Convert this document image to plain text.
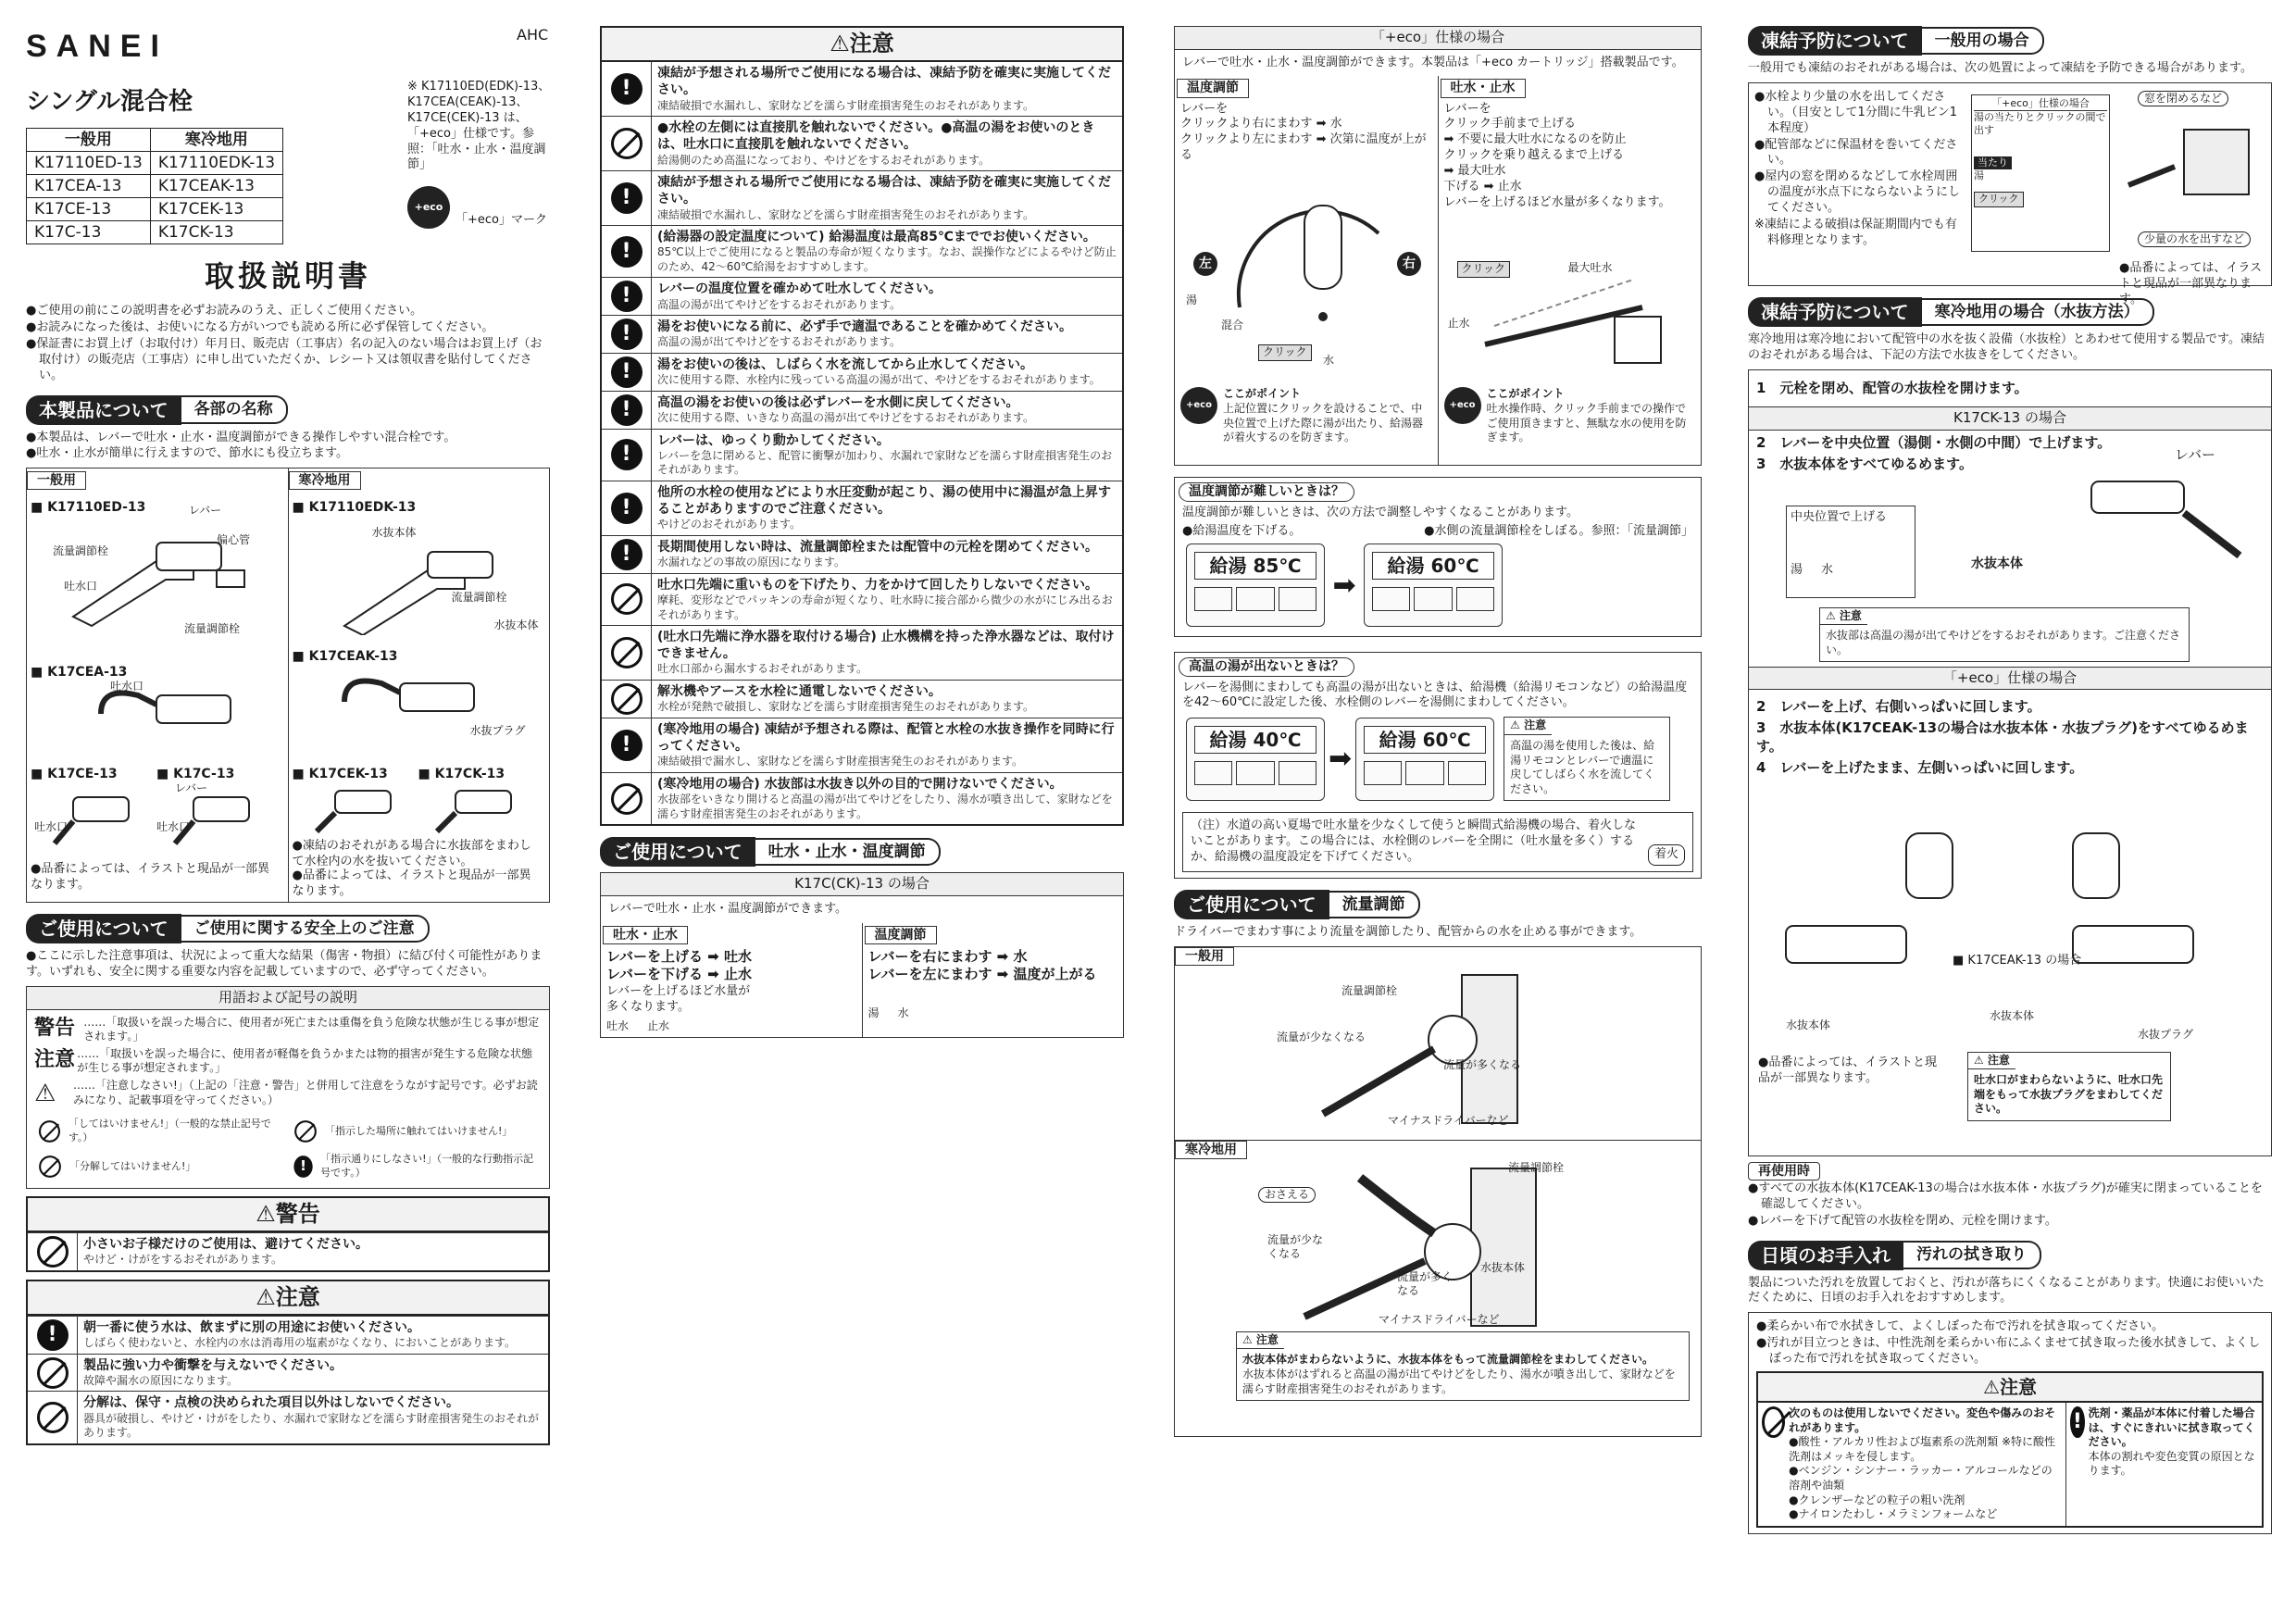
SANEI	AHC
シングル混合栓
一般用	寒冷地用
K17110ED-13	K17110EDK-13
K17CEA-13	K17CEAK-13
K17CE-13	K17CEK-13
K17C-13	K17CK-13
※ K17110ED(EDK)-13、K17CEA(CEAK)-13、K17CE(CEK)-13 は、「+eco」仕様です。参照：「吐水・止水・温度調節」
+eco
「+eco」マーク
取扱説明書

●ご使用の前にこの説明書を必ずお読みのうえ、正しくご使用ください。

●お読みになった後は、お使いになる方がいつでも読める所に必ず保管してください。

●保証書にお買上げ（お取付け）年月日、販売店（工事店）名の記入のない場合はお買上げ（お取付け）の販売店（工事店）に申し出ていただくか、レシート又は領収書を貼付してください。

本製品について	各部の名称

●本製品は、レバーで吐水・止水・温度調節ができる操作しやすい混合栓です。

●吐水・止水が簡単に行えますので、節水にも役立ちます。

一般用
■ K17110ED-13	レバー
偏心管
流量調節栓
吐水口
流量調節栓
■ K17CEA-13
吐水口
■ K17CE-13	■ K17C-13
レバー
吐水口	吐水口
●品番によっては、イラストと現品が一部異なります。
寒冷地用
■ K17110EDK-13
水抜本体
流量調節栓
水抜本体
■ K17CEAK-13
水抜プラグ
■ K17CEK-13 ■ K17CK-13
●凍結のおそれがある場合に水抜部をまわして水栓内の水を抜いてください。
●品番によっては、イラストと現品が一部異なります。
ご使用について	ご使用に関する安全上のご注意
●ここに示した注意事項は、状況によって重大な結果（傷害・物損）に結び付く可能性があります。いずれも、安全に関する重要な内容を記載していますので、必ず守ってください。
用語および記号の説明
警告 ……「取扱いを誤った場合に、使用者が死亡または重傷を負う危険な状態が生じる事が想定されます。」
注意 ……「取扱いを誤った場合に、使用者が軽傷を負うかまたは物的損害が発生する危険な状態が生じる事が想定されます。」
⚠	……「注意しなさい!」（上記の「注意・警告」と併用して注意をうながす記号です。必ずお読みになり、記載事項を守ってください。）
「してはいけません!」（一般的な禁止記号です。）
「指示した場所に触れてはいけません!」
「分解してはいけません!」	!	「指示通りにしなさい!」（一般的な行動指示記号です。）
⚠警告
小さいお子様だけのご使用は、避けてください。
やけど・けがをするおそれがあります。
⚠注意
!	朝一番に使う水は、飲まずに別の用途にお使いください。
しばらく使わないと、水栓内の水は消毒用の塩素がなくなり、においことがあります。
製品に強い力や衝撃を与えないでください。
故障や漏水の原因になります。
分解は、保守・点検の決められた項目以外はしないでください。
器具が破損し、やけど・けがをしたり、水漏れで家財などを濡らす財産損害発生のおそれがあります。
⚠注意
!
凍結が予想される場所でご使用になる場合は、凍結予防を確実に実施してください。
凍結破損で水漏れし、家財などを濡らす財産損害発生のおそれがあります。
●水栓の左側には直接肌を触れないでください。●高温の湯をお使いのときは、吐水口に直接肌を触れないでください。
給湯側のため高温になっており、やけどをするおそれがあります。
!
凍結が予想される場所でご使用になる場合は、凍結予防を確実に実施してください。
凍結破損で水漏れし、家財などを濡らす財産損害発生のおそれがあります。
!
(給湯器の設定温度について) 給湯温度は最高85℃まででお使いください。
85℃以上でご使用になると製品の寿命が短くなります。なお、誤操作などによるやけど防止のため、42〜60℃給湯をおすすめします。
!	レバーの温度位置を確かめて吐水してください。
高温の湯が出てやけどをするおそれがあります。
!	湯をお使いになる前に、必ず手で適温であることを確かめてください。
高温の湯が出てやけどをするおそれがあります。
!	湯をお使いの後は、しばらく水を流してから止水してください。
次に使用する際、水栓内に残っている高温の湯が出て、やけどをするおそれがあります。
!	高温の湯をお使いの後は必ずレバーを水側に戻してください。
次に使用する際、いきなり高温の湯が出てやけどをするおそれがあります。
!
レバーは、ゆっくり動かしてください。
レバーを急に閉めると、配管に衝撃が加わり、水漏れで家財などを濡らす財産損害発生のおそれがあります。
!
他所の水栓の使用などにより水圧変動が起こり、湯の使用中に湯温が急上昇することがありますのでご注意ください。
やけどのおそれがあります。
!	長期間使用しない時は、流量調節栓または配管中の元栓を閉めてください。
水漏れなどの事故の原因になります。
吐水口先端に重いものを下げたり、力をかけて回したりしないでください。
摩耗、変形などでパッキンの寿命が短くなり、吐水時に接合部から微少の水がにじみ出るおそれがあります。
(吐水口先端に浄水器を取付ける場合) 止水機構を持った浄水器などは、取付けできません。
吐水口部から漏水するおそれがあります。
解氷機やアースを水栓に通電しないでください。
水栓が発熱で破損し、家財などを濡らす財産損害発生のおそれがあります。
!
(寒冷地用の場合) 凍結が予想される際は、配管と水栓の水抜き操作を同時に行ってください。
凍結破損で漏水し、家財などを濡らす財産損害発生のおそれがあります。
(寒冷地用の場合) 水抜部は水抜き以外の目的で開けないでください。
水抜部をいきなり開けると高温の湯が出てやけどをしたり、湯水が噴き出して、家財などを濡らす財産損害発生のおそれがあります。
ご使用について	吐水・止水・温度調節
K17C(CK)-13 の場合
レバーで吐水・止水・温度調節ができます。
吐水・止水
レバーを上げる ➡ 吐水
レバーを下げる ➡ 止水
レバーを上げるほど水量が多くなります。
吐水 止水
温度調節
レバーを右にまわす ➡ 水
レバーを左にまわす ➡ 温度が上がる
湯 水
「+eco」仕様の場合
レバーで吐水・止水・温度調節ができます。本製品は「+eco カートリッジ」搭載製品です。
温度調節
レバーを
クリックより右にまわす ➡ 水
クリックより左にまわす ➡ 次第に温度が上がる
左	右
湯
混合
水
クリック
+eco
ここがポイント
上記位置にクリックを設けることで、中央位置で上げた際に湯が出たり、給湯器が着火するのを防ぎます。
吐水・止水
レバーを
クリック手前まで上げる
➡ 不要に最大吐水になるのを防止
クリックを乗り越えるまで上げる
➡ 最大吐水
下げる ➡ 止水
レバーを上げるほど水量が多くなります。
クリック	最大吐水
止水
+eco
ここがポイント
吐水操作時、クリック手前までの操作でご使用頂きますと、無駄な水の使用を防ぎます。
温度調節が難しいときは？
温度調節が難しいときは、次の方法で調整しやすくなることがあります。
●給湯温度を下げる。	●水側の流量調節栓をしぼる。参照：「流量調節」
給湯 85℃
➡
給湯 60℃
高温の湯が出ないときは？
レバーを湯側にまわしても高温の湯が出ないときは、給湯機（給湯リモコンなど）の給湯温度を42〜60℃に設定した後、水栓側のレバーを湯側にまわしてください。
給湯 40℃
➡
給湯 60℃
⚠ 注意
高温の湯を使用した後は、給湯リモコンとレバーで適温に戻してしばらく水を流してください。
（注）水道の高い夏場で吐水量を少なくして使うと瞬間式給湯機の場合、着火しないことがあります。この場合には、水栓側のレバーを全開に（吐水量を多く）するか、給湯機の温度設定を下げてください。	着火
ご使用について	流量調節
ドライバーでまわす事により流量を調節したり、配管からの水を止める事ができます。
一般用
流量調節栓
流量が少なくなる
流量が多くなる
マイナスドライバーなど
寒冷地用
流量調節栓
おさえる
流量が少なくなる
流量が多くなる
水抜本体
マイナスドライバーなど
⚠ 注意
水抜本体がまわらないように、水抜本体をもって流量調節栓をまわしてください。
水抜本体がはずれると高温の湯が出てやけどをしたり、湯水が噴き出して、家財などを濡らす財産損害発生のおそれがあります。
凍結予防について	一般用の場合
一般用でも凍結のおそれがある場合は、次の処置によって凍結を予防できる場合があります。

●水栓より少量の水を出してください。（目安として1分間に牛乳ビン1本程度）

●配管部などに保温材を巻いてください。

●屋内の窓を閉めるなどして水栓周囲の温度が氷点下にならないようにしてください。

※凍結による破損は保証期間内でも有料修理となります。

「+eco」仕様の場合
湯の当たりとクリックの間で出す
当たり
湯
クリック
窓を閉めるなど
少量の水を出すなど
●品番によっては、イラストと現品が一部異なります。
凍結予防について	寒冷地用の場合（水抜方法）
寒冷地用は寒冷地において配管中の水を抜く設備（水抜栓）とあわせて使用する製品です。凍結のおそれがある場合は、下記の方法で水抜きをしてください。
1　元栓を閉め、配管の水抜栓を開けます。
K17CK-13 の場合
2　レバーを中央位置（湯側・水側の中間）で上げます。
3　水抜本体をすべてゆるめます。
中央位置で上げる
湯 水
レバー
水抜本体
⚠ 注意
水抜部は高温の湯が出てやけどをするおそれがあります。ご注意ください。
「+eco」仕様の場合
2　レバーを上げ、右側いっぱいに回します。
3　水抜本体(K17CEAK-13の場合は水抜本体・水抜プラグ)をすべてゆるめます。
4　レバーを上げたまま、左側いっぱいに回します。
■ K17CEAK-13 の場合
水抜本体
水抜本体
水抜プラグ
●品番によっては、イラストと現品が一部異なります。
⚠ 注意
吐水口がまわらないように、吐水口先端をもって水抜プラグをまわしてください。
再使用時

●すべての水抜本体(K17CEAK-13の場合は水抜本体・水抜プラグ)が確実に閉まっていることを確認してください。

●レバーを下げて配管の水抜栓を閉め、元栓を開けます。

日頃のお手入れ	汚れの拭き取り
製品についた汚れを放置しておくと、汚れが落ちにくくなることがあります。快適にお使いいただくために、日頃のお手入れをおすすめします。

●柔らかい布で水拭きして、よくしぼった布で汚れを拭き取ってください。

●汚れが目立つときは、中性洗剤を柔らかい布にふくませて拭き取った後水拭きして、よくしぼった布で汚れを拭き取ってください。

⚠注意
次のものは使用しないでください。変色や傷みのおそれがあります。
●酸性・アルカリ性および塩素系の洗剤類 ※特に酸性洗剤はメッキを侵します。
●ベンジン・シンナー・ラッカー・アルコールなどの溶剤や油類
●クレンザーなどの粒子の粗い洗剤
●ナイロンたわし・メラミンフォームなど
! 洗剤・薬品が本体に付着した場合は、すぐにきれいに拭き取ってください。
本体の割れや変色変質の原因となります。
